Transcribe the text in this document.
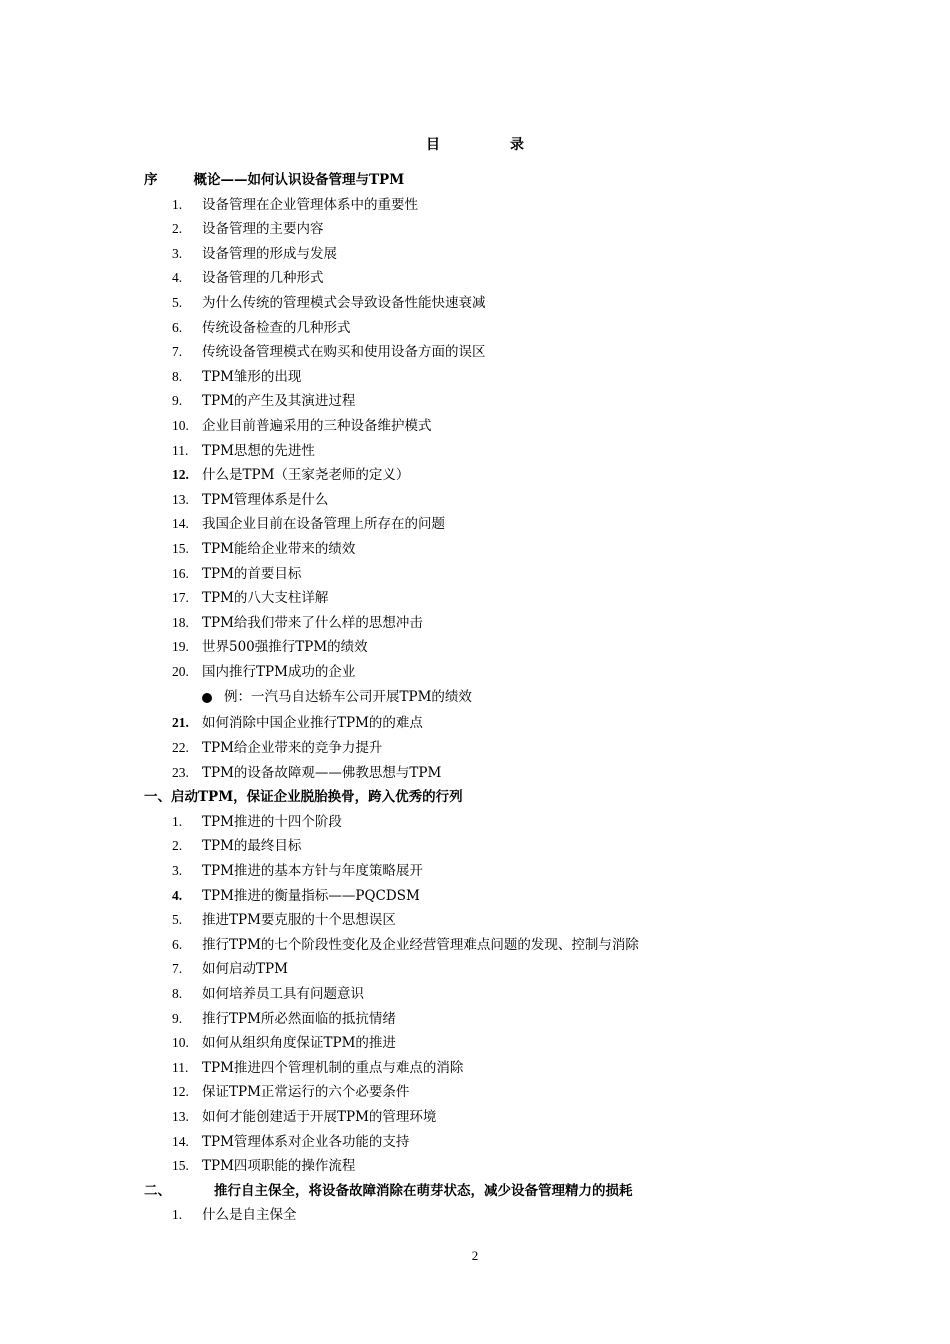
目　录
序	概论——如何认识设备管理与TPM
1.	设备管理在企业管理体系中的重要性
2.	设备管理的主要内容
3.	设备管理的形成与发展
4.	设备管理的几种形式
5.	为什么传统的管理模式会导致设备性能快速衰减
6.	传统设备检查的几种形式
7.	传统设备管理模式在购买和使用设备方面的误区
8.	TPM雏形的出现
9.	TPM的产生及其演进过程
10. 企业目前普遍采用的三种设备维护模式
11.	TPM思想的先进性
12. 什么是TPM（王家尧老师的定义）
13. TPM管理体系是什么
14. 我国企业目前在设备管理上所存在的问题
15. TPM能给企业带来的绩效
16. TPM的首要目标
17. TPM的八大支柱详解
18. TPM给我们带来了什么样的思想冲击
19. 世界500强推行TPM的绩效
20. 国内推行TPM成功的企业
例：一汽马自达轿车公司开展TPM的绩效
21. 如何消除中国企业推行TPM的的难点
22. TPM给企业带来的竞争力提升
23. TPM的设备故障观——佛教思想与TPM
一、启动TPM，保证企业脱胎换骨，跨入优秀的行列
1.	TPM推进的十四个阶段
2.	TPM的最终目标
3.	TPM推进的基本方针与年度策略展开
4.	TPM推进的衡量指标——PQCDSM
5.	推进TPM要克服的十个思想误区
6.	推行TPM的七个阶段性变化及企业经营管理难点问题的发现、控制与消除
7.	如何启动TPM
8.	如何培养员工具有问题意识
9.	推行TPM所必然面临的抵抗情绪
10. 如何从组织角度保证TPM的推进
11.	TPM推进四个管理机制的重点与难点的消除
12. 保证TPM正常运行的六个必要条件
13. 如何才能创建适于开展TPM的管理环境
14. TPM管理体系对企业各功能的支持
15. TPM四项职能的操作流程
二、	推行自主保全，将设备故障消除在萌芽状态，减少设备管理精力的损耗
1.	什么是自主保全
2
